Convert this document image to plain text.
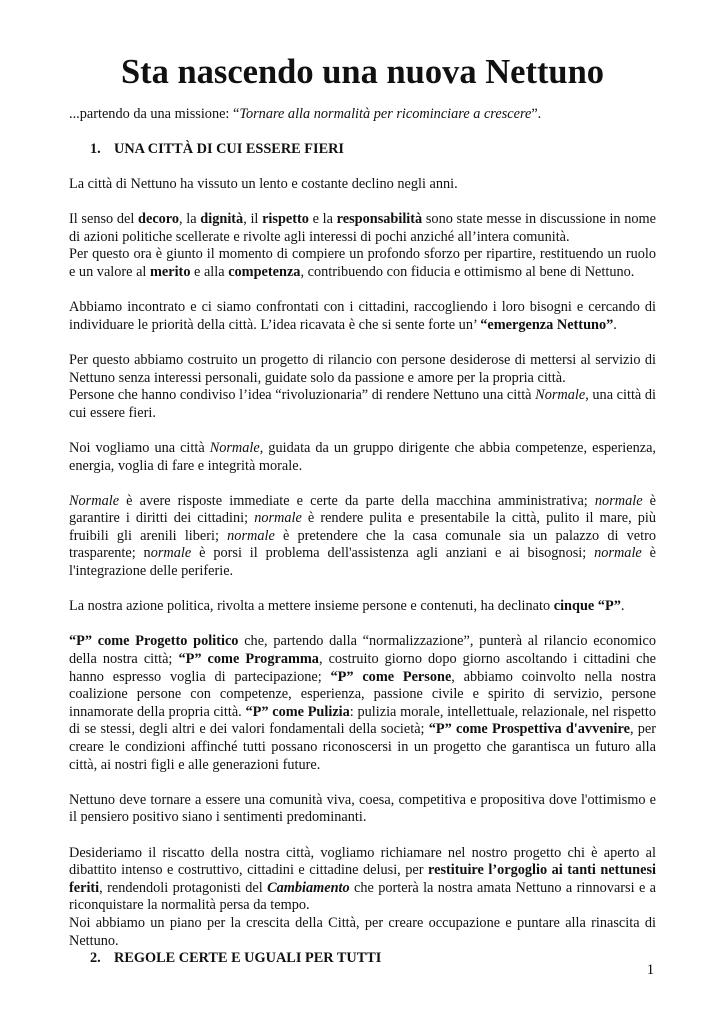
Sta nascendo una nuova Nettuno

...partendo da una missione: “Tornare alla normalità per ricominciare a crescere”.

1. UNA CITTÀ DI CUI ESSERE FIERI

La città di Nettuno ha vissuto un lento e costante declino negli anni.

Il senso del decoro, la dignità, il rispetto e la responsabilità sono state messe in discussione in nome di azioni politiche scellerate e rivolte agli interessi di pochi anziché all’intera comunità.

Per questo ora è giunto il momento di compiere un profondo sforzo per ripartire, restituendo un ruolo e un valore al merito e alla competenza, contribuendo con fiducia e ottimismo al bene di Nettuno.

Abbiamo incontrato e ci siamo confrontati con i cittadini, raccogliendo i loro bisogni e cercando di individuare le priorità della città. L’idea ricavata è che si sente forte un’ “emergenza Nettuno”.

Per questo abbiamo costruito un progetto di rilancio con persone desiderose di mettersi al servizio di Nettuno senza interessi personali, guidate solo da passione e amore per la propria città.

Persone che hanno condiviso l’idea “rivoluzionaria” di rendere Nettuno una città Normale, una città di cui essere fieri.

Noi vogliamo una città Normale, guidata da un gruppo dirigente che abbia competenze, esperienza, energia, voglia di fare e integrità morale.

Normale è avere risposte immediate e certe da parte della macchina amministrativa; normale è garantire i diritti dei cittadini; normale è rendere pulita e presentabile la città, pulito il mare, più fruibili gli arenili liberi; normale è pretendere che la casa comunale sia un palazzo di vetro trasparente; normale è porsi il problema dell'assistenza agli anziani e ai bisognosi; normale è l'integrazione delle periferie.

La nostra azione politica, rivolta a mettere insieme persone e contenuti, ha declinato cinque “P”.

“P” come Progetto politico che, partendo dalla “normalizzazione”, punterà al rilancio economico della nostra città; “P” come Programma, costruito giorno dopo giorno ascoltando i cittadini che hanno espresso voglia di partecipazione; “P” come Persone, abbiamo coinvolto nella nostra coalizione persone con competenze, esperienza, passione civile e spirito di servizio, persone innamorate della propria città. “P” come Pulizia: pulizia morale, intellettuale, relazionale, nel rispetto di se stessi, degli altri e dei valori fondamentali della società; “P” come Prospettiva d'avvenire, per creare le condizioni affinché tutti possano riconoscersi in un progetto che garantisca un futuro alla città, ai nostri figli e alle generazioni future.

Nettuno deve tornare a essere una comunità viva, coesa, competitiva e propositiva dove l'ottimismo e il pensiero positivo siano i sentimenti predominanti.

Desideriamo il riscatto della nostra città, vogliamo richiamare nel nostro progetto chi è aperto al dibattito intenso e costruttivo, cittadini e cittadine delusi, per restituire l’orgoglio ai tanti nettunesi feriti, rendendoli protagonisti del Cambiamento che porterà la nostra amata Nettuno a rinnovarsi e a riconquistare la normalità persa da tempo.

Noi abbiamo un piano per la crescita della Città, per creare occupazione e puntare alla rinascita di Nettuno.

2. REGOLE CERTE E UGUALI PER TUTTI
1
